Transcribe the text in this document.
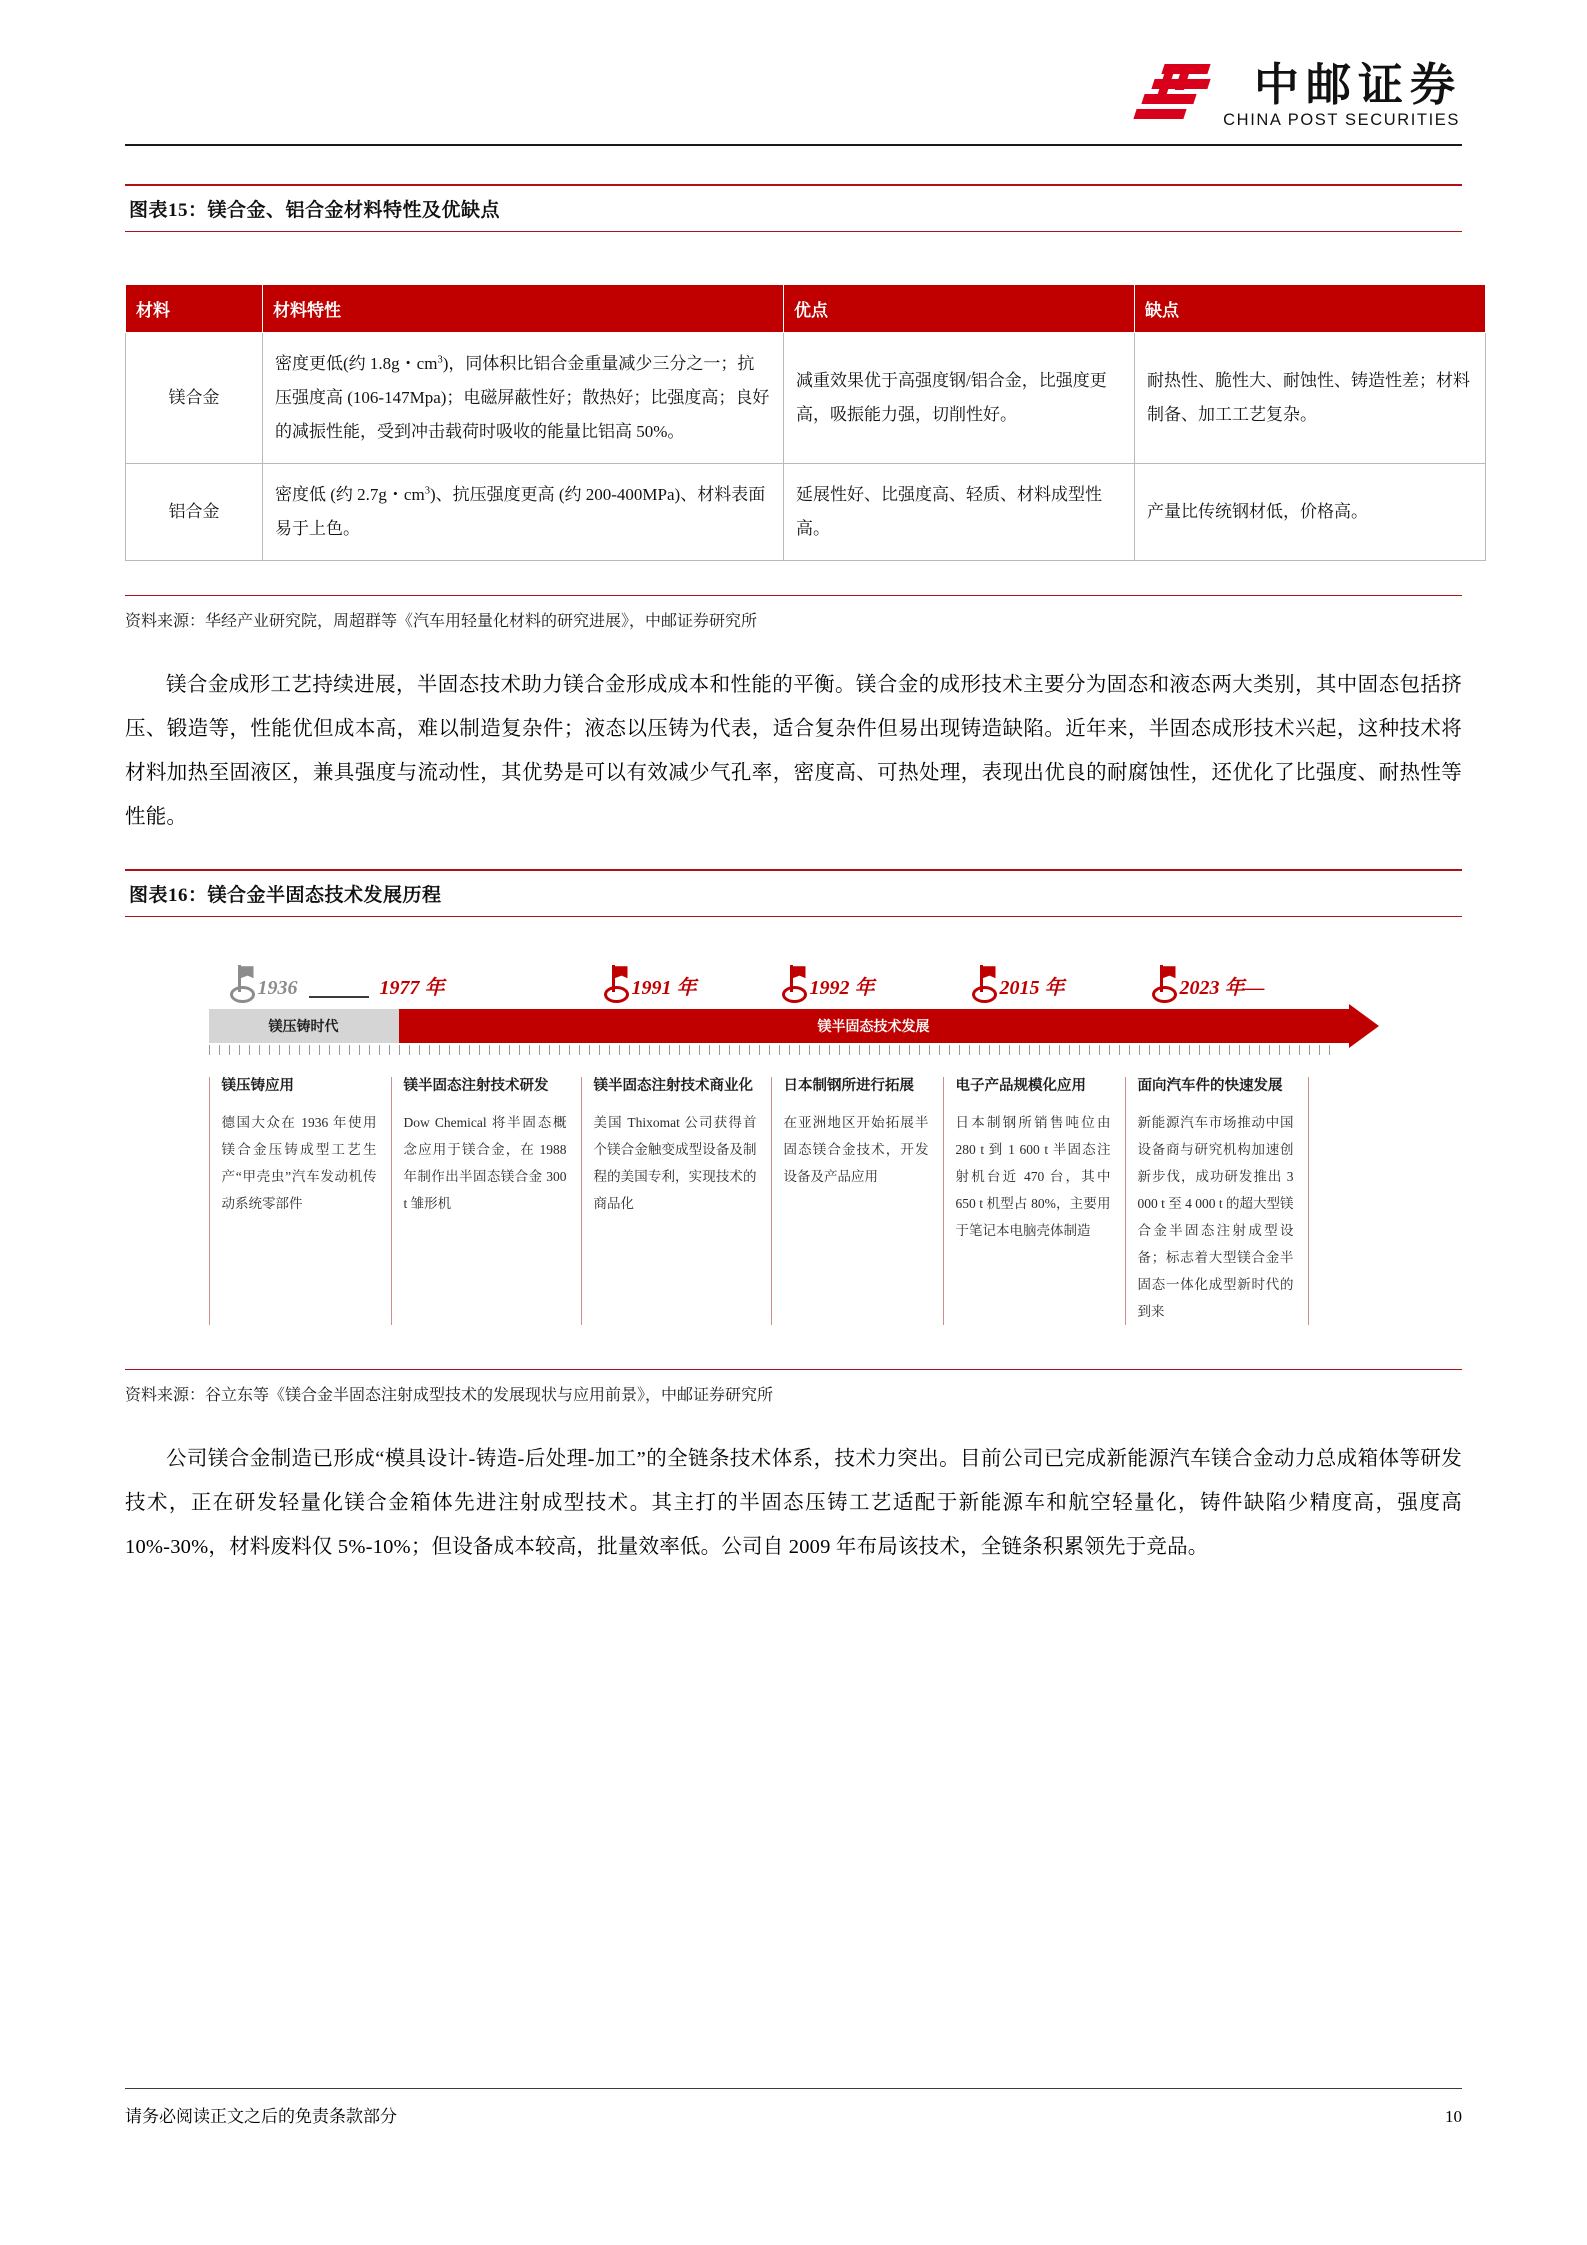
中邮证券
CHINA POST SECURITIES
图表15：镁合金、铝合金材料特性及优缺点
材料	材料特性	优点	缺点
镁合金	密度更低(约 1.8g・$cm^3$)，同体积比铝合金重量减少三分之一；抗压强度高 (106-147Mpa)；电磁屏蔽性好；散热好；比强度高；良好的减振性能，受到冲击载荷时吸收的能量比铝高 50%。	减重效果优于高强度钢/铝合金，比强度更高，吸振能力强，切削性好。	耐热性、脆性大、耐蚀性、铸造性差；材料制备、加工工艺复杂。
铝合金	密度低 (约 2.7g・$cm^3$)、抗压强度更高 (约 200-400MPa)、材料表面易于上色。	延展性好、比强度高、轻质、材料成型性高。	产量比传统钢材低，价格高。
资料来源：华经产业研究院，周超群等《汽车用轻量化材料的研究进展》，中邮证券研究所

镁合金成形工艺持续进展，半固态技术助力镁合金形成成本和性能的平衡。镁合金的成形技术主要分为固态和液态两大类别，其中固态包括挤压、锻造等，性能优但成本高，难以制造复杂件；液态以压铸为代表，适合复杂件但易出现铸造缺陷。近年来，半固态成形技术兴起，这种技术将材料加热至固液区，兼具强度与流动性，其优势是可以有效减少气孔率，密度高、可热处理，表现出优良的耐腐蚀性，还优化了比强度、耐热性等性能。

图表16：镁合金半固态技术发展历程
1936	1977 年	1991 年	1992 年	2015 年	2023 年—
镁压铸时代	镁半固态技术发展
镁压铸应用
德国大众在 1936 年使用镁合金压铸成型工艺生产“甲壳虫”汽车发动机传动系统零部件
镁半固态注射技术研发
Dow Chemical 将半固态概念应用于镁合金，在 1988 年制作出半固态镁合金 300 t 雏形机
镁半固态注射技术商业化
美国 Thixomat 公司获得首个镁合金触变成型设备及制程的美国专利，实现技术的商品化
日本制钢所进行拓展
在亚洲地区开始拓展半固态镁合金技术，开发设备及产品应用
电子产品规模化应用
日本制钢所销售吨位由 280 t 到 1 600 t 半固态注射机台近 470 台，其中 650 t 机型占 80%，主要用于笔记本电脑壳体制造
面向汽车件的快速发展
新能源汽车市场推动中国设备商与研究机构加速创新步伐，成功研发推出 3 000 t 至 4 000 t 的超大型镁合金半固态注射成型设备；标志着大型镁合金半固态一体化成型新时代的到来
资料来源：谷立东等《镁合金半固态注射成型技术的发展现状与应用前景》，中邮证券研究所

公司镁合金制造已形成“模具设计-铸造-后处理-加工”的全链条技术体系，技术力突出。目前公司已完成新能源汽车镁合金动力总成箱体等研发技术，正在研发轻量化镁合金箱体先进注射成型技术。其主打的半固态压铸工艺适配于新能源车和航空轻量化，铸件缺陷少精度高，强度高 10%-30%，材料废料仅 5%-10%；但设备成本较高，批量效率低。公司自 2009 年布局该技术，全链条积累领先于竞品。

请务必阅读正文之后的免责条款部分	10
